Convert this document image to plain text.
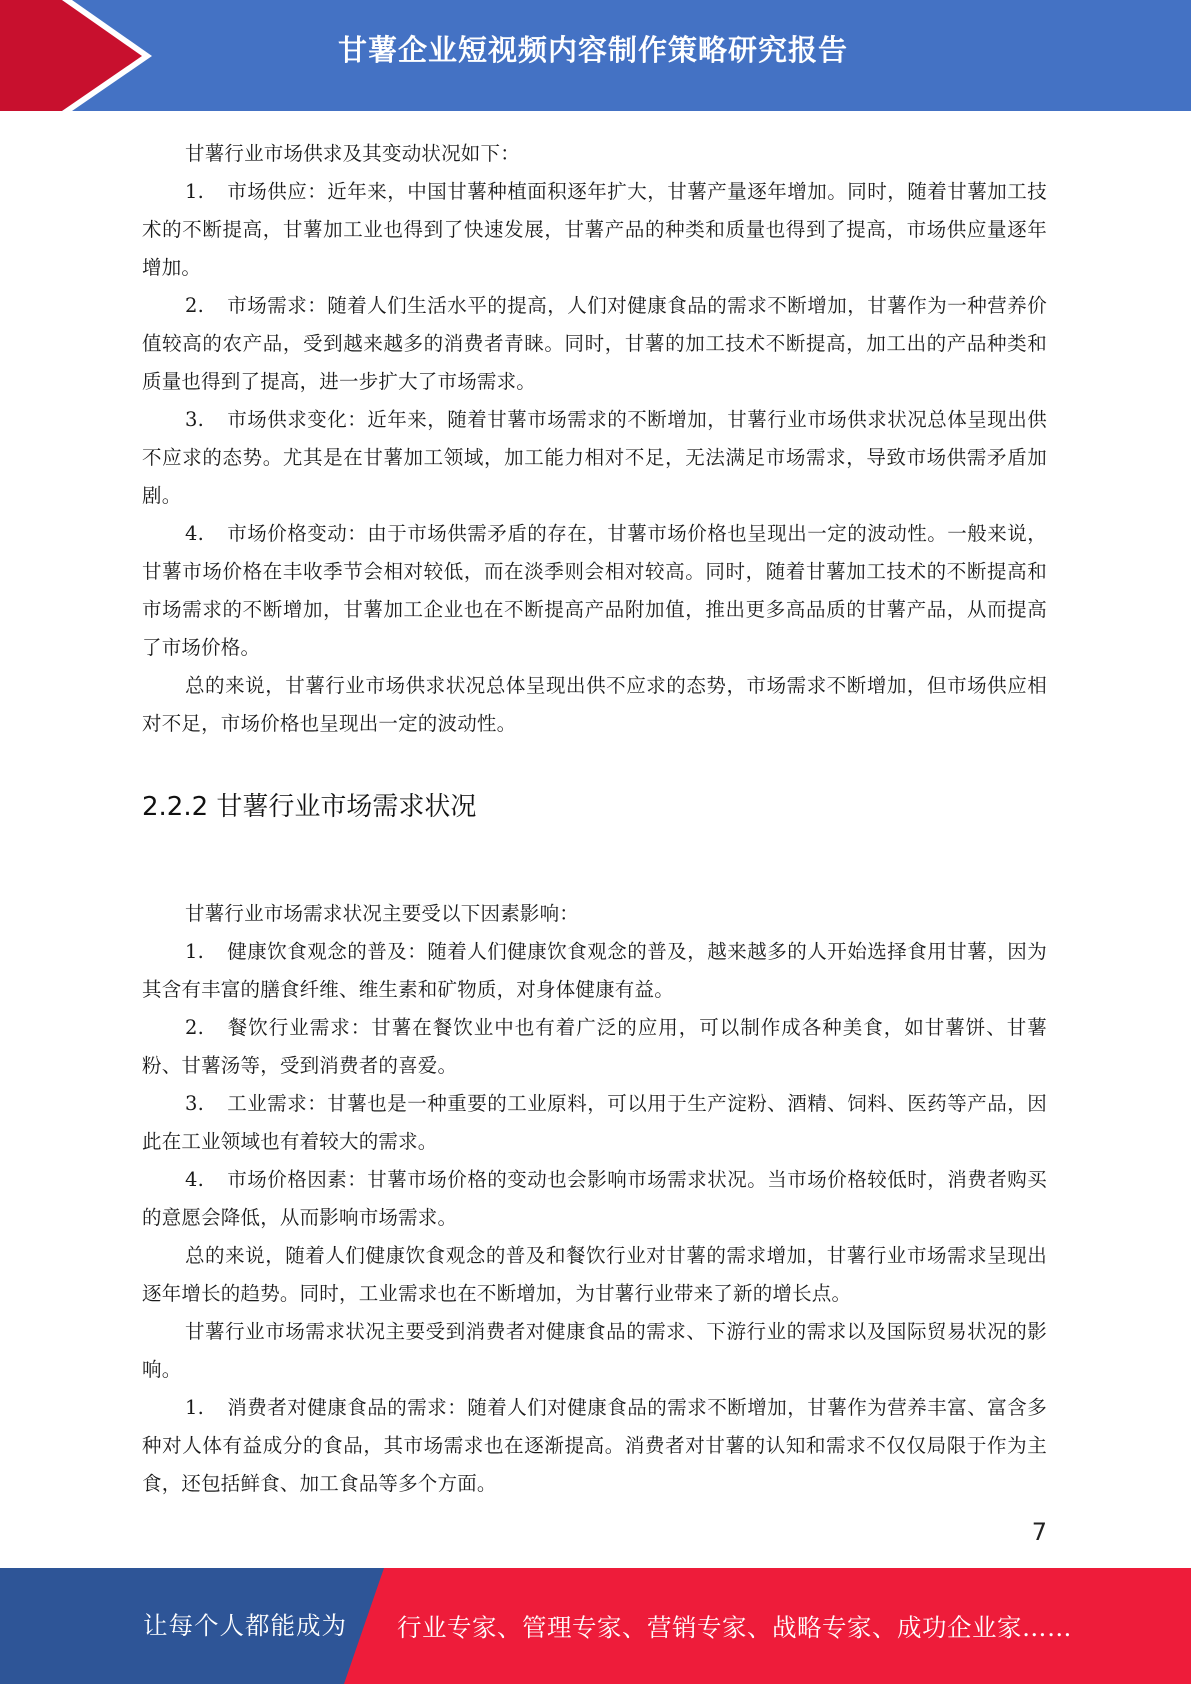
甘薯企业短视频内容制作策略研究报告

甘薯行业市场供求及其变动状况如下：

1. 市场供应：近年来，中国甘薯种植面积逐年扩大，甘薯产量逐年增加。同时，随着甘薯加工技术的不断提高，甘薯加工业也得到了快速发展，甘薯产品的种类和质量也得到了提高，市场供应量逐年增加。

2. 市场需求：随着人们生活水平的提高，人们对健康食品的需求不断增加，甘薯作为一种营养价值较高的农产品，受到越来越多的消费者青睐。同时，甘薯的加工技术不断提高，加工出的产品种类和质量也得到了提高，进一步扩大了市场需求。

3. 市场供求变化：近年来，随着甘薯市场需求的不断增加，甘薯行业市场供求状况总体呈现出供不应求的态势。尤其是在甘薯加工领域，加工能力相对不足，无法满足市场需求，导致市场供需矛盾加剧。

4. 市场价格变动：由于市场供需矛盾的存在，甘薯市场价格也呈现出一定的波动性。一般来说，甘薯市场价格在丰收季节会相对较低，而在淡季则会相对较高。同时，随着甘薯加工技术的不断提高和市场需求的不断增加，甘薯加工企业也在不断提高产品附加值，推出更多高品质的甘薯产品，从而提高了市场价格。

总的来说，甘薯行业市场供求状况总体呈现出供不应求的态势，市场需求不断增加，但市场供应相对不足，市场价格也呈现出一定的波动性。

2.2.2 甘薯行业市场需求状况

甘薯行业市场需求状况主要受以下因素影响：

1. 健康饮食观念的普及：随着人们健康饮食观念的普及，越来越多的人开始选择食用甘薯，因为其含有丰富的膳食纤维、维生素和矿物质，对身体健康有益。

2. 餐饮行业需求：甘薯在餐饮业中也有着广泛的应用，可以制作成各种美食，如甘薯饼、甘薯粉、甘薯汤等，受到消费者的喜爱。

3. 工业需求：甘薯也是一种重要的工业原料，可以用于生产淀粉、酒精、饲料、医药等产品，因此在工业领域也有着较大的需求。

4. 市场价格因素：甘薯市场价格的变动也会影响市场需求状况。当市场价格较低时，消费者购买的意愿会降低，从而影响市场需求。

总的来说，随着人们健康饮食观念的普及和餐饮行业对甘薯的需求增加，甘薯行业市场需求呈现出逐年增长的趋势。同时，工业需求也在不断增加，为甘薯行业带来了新的增长点。

甘薯行业市场需求状况主要受到消费者对健康食品的需求、下游行业的需求以及国际贸易状况的影响。

1. 消费者对健康食品的需求：随着人们对健康食品的需求不断增加，甘薯作为营养丰富、富含多种对人体有益成分的食品，其市场需求也在逐渐提高。消费者对甘薯的认知和需求不仅仅局限于作为主食，还包括鲜食、加工食品等多个方面。

7
让每个人都能成为 行业专家、管理专家、营销专家、战略专家、成功企业家……
